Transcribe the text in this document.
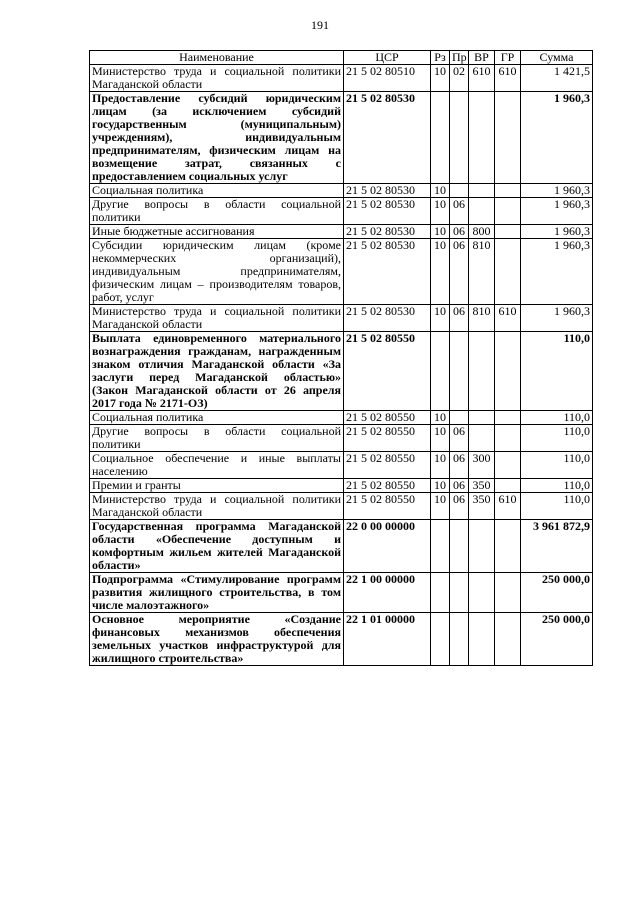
191
Наименование	ЦСР	Рз	Пр	ВР	ГР	Сумма
Министерство труда и социальной политики Магаданской области	21 5 02 80510	10	02	610	610	1 421,5
Предоставление субсидий юридическим лицам (за исключением субсидий государственным (муниципальным) учреждениям), индивидуальным предпринимателям, физическим лицам на возмещение затрат, связанных с предоставлением социальных услуг	21 5 02 80530					1 960,3
Социальная политика	21 5 02 80530	10				1 960,3
Другие вопросы в области социальной политики	21 5 02 80530	10	06			1 960,3
Иные бюджетные ассигнования	21 5 02 80530	10	06	800		1 960,3
Субсидии юридическим лицам (кроме некоммерческих организаций), индивидуальным предпринимателям, физическим лицам – производителям товаров, работ, услуг	21 5 02 80530	10	06	810		1 960,3
Министерство труда и социальной политики Магаданской области	21 5 02 80530	10	06	810	610	1 960,3
Выплата единовременного материального вознаграждения гражданам, награжденным знаком отличия Магаданской области «За заслуги перед Магаданской областью» (Закон Магаданской области от 26 апреля 2017 года № 2171-ОЗ)	21 5 02 80550					110,0
Социальная политика	21 5 02 80550	10				110,0
Другие вопросы в области социальной политики	21 5 02 80550	10	06			110,0
Социальное обеспечение и иные выплаты населению	21 5 02 80550	10	06	300		110,0
Премии и гранты	21 5 02 80550	10	06	350		110,0
Министерство труда и социальной политики Магаданской области	21 5 02 80550	10	06	350	610	110,0
Государственная программа Магаданской области «Обеспечение доступным и комфортным жильем жителей Магаданской области»	22 0 00 00000					3 961 872,9
Подпрограмма «Стимулирование программ развития жилищного строительства, в том числе малоэтажного»	22 1 00 00000					250 000,0
Основное мероприятие «Создание финансовых механизмов обеспечения земельных участков инфраструктурой для жилищного строительства»	22 1 01 00000					250 000,0
